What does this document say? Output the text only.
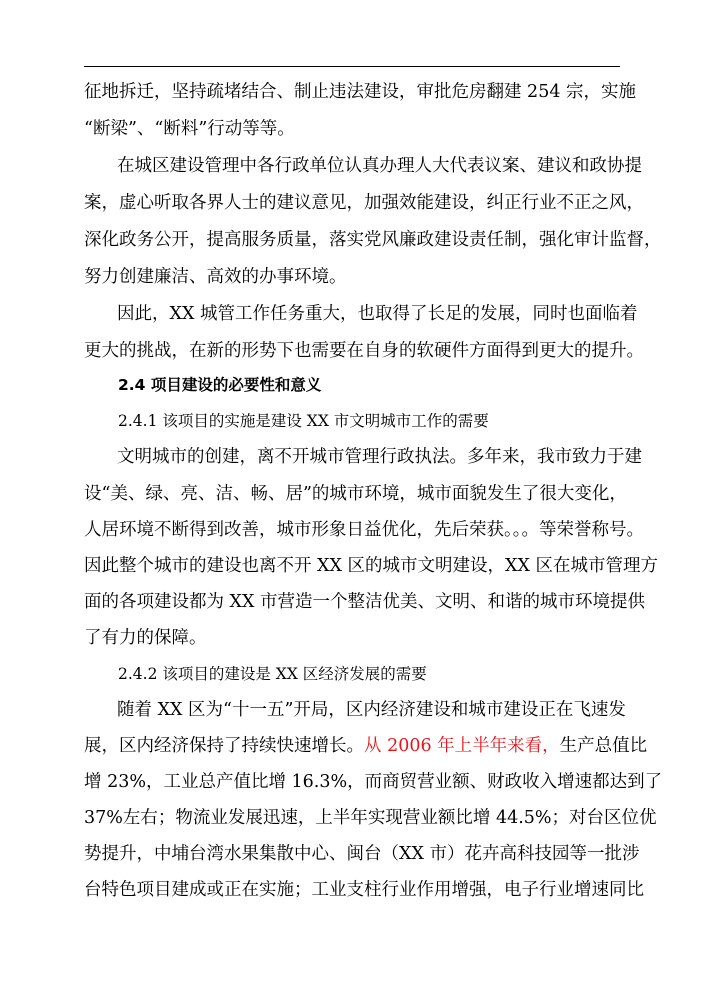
征地拆迁，坚持疏堵结合、制止违法建设，审批危房翻建 254 宗，实施
“断梁”、“断料”行动等等。
在城区建设管理中各行政单位认真办理人大代表议案、建议和政协提
案，虚心听取各界人士的建议意见，加强效能建设，纠正行业不正之风，
深化政务公开，提高服务质量，落实党风廉政建设责任制，强化审计监督，
努力创建廉洁、高效的办事环境。
因此，XX 城管工作任务重大，也取得了长足的发展，同时也面临着
更大的挑战，在新的形势下也需要在自身的软硬件方面得到更大的提升。
2.4 项目建设的必要性和意义
2.4.1 该项目的实施是建设 XX 市文明城市工作的需要
文明城市的创建，离不开城市管理行政执法。多年来，我市致力于建
设“美、绿、亮、洁、畅、居”的城市环境，城市面貌发生了很大变化，
人居环境不断得到改善，城市形象日益优化，先后荣获。。。等荣誉称号。
因此整个城市的建设也离不开 XX 区的城市文明建设，XX 区在城市管理方
面的各项建设都为 XX 市营造一个整洁优美、文明、和谐的城市环境提供
了有力的保障。
2.4.2 该项目的建设是 XX 区经济发展的需要
随着 XX 区为“十一五”开局，区内经济建设和城市建设正在飞速发
展，区内经济保持了持续快速增长。从 2006 年上半年来看，生产总值比
增 23%，工业总产值比增 16.3%，而商贸营业额、财政收入增速都达到了
37%左右；物流业发展迅速，上半年实现营业额比增 44.5%；对台区位优
势提升，中埔台湾水果集散中心、闽台（XX 市）花卉高科技园等一批涉
台特色项目建成或正在实施；工业支柱行业作用增强，电子行业增速同比
